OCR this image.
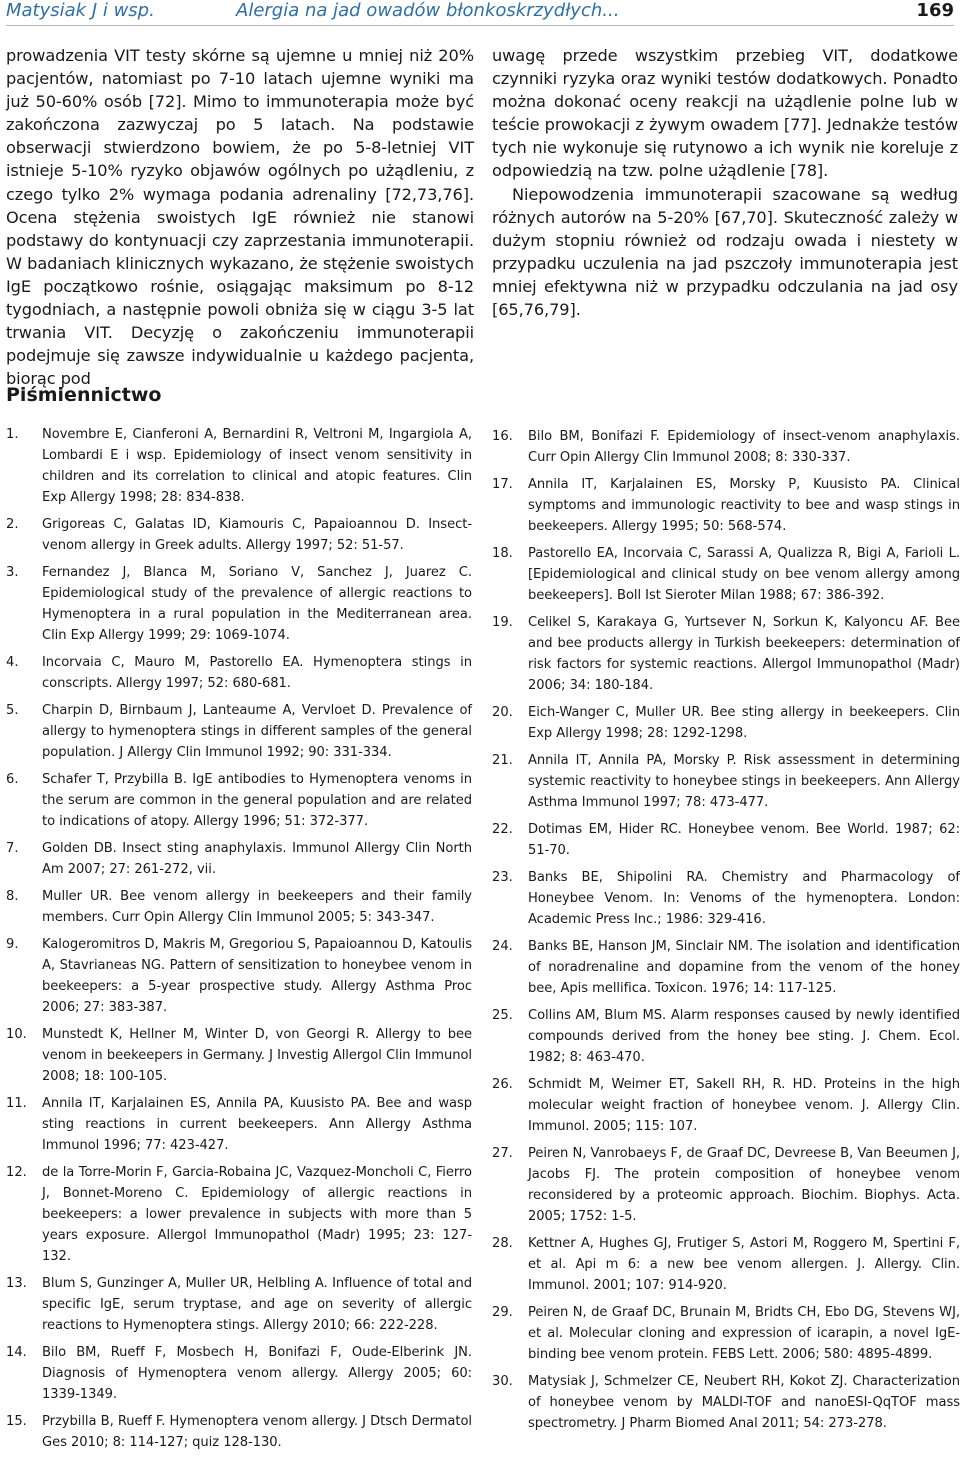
Matysiak J i wsp.	Alergia na jad owadów błonkoskrzydłych...	169

prowadzenia VIT testy skórne są ujemne u mniej niż 20% pacjentów, natomiast po 7-10 latach ujemne wyniki ma już 50-60% osób [72]. Mimo to immunoterapia może być zakończona zazwyczaj po 5 latach. Na podstawie obserwacji stwierdzono bowiem, że po 5-8-letniej VIT istnieje 5-10% ryzyko objawów ogólnych po użądleniu, z czego tylko 2% wymaga podania adrenaliny [72,73,76]. Ocena stężenia swoistych IgE również nie stanowi podstawy do kontynuacji czy zaprzestania immunoterapii. W badaniach klinicznych wykazano, że stężenie swoistych IgE początkowo rośnie, osiągając maksimum po 8-12 tygodniach, a następnie powoli obniża się w ciągu 3-5 lat trwania VIT. Decyzję o zakończeniu immunoterapii podejmuje się zawsze indywidualnie u każdego pacjenta, biorąc pod

uwagę przede wszystkim przebieg VIT, dodatkowe czynniki ryzyka oraz wyniki testów dodatkowych. Ponadto można dokonać oceny reakcji na użądlenie polne lub w teście prowokacji z żywym owadem [77]. Jednakże testów tych nie wykonuje się rutynowo a ich wynik nie koreluje z odpowiedzią na tzw. polne użądlenie [78].

Niepowodzenia immunoterapii szacowane są według różnych autorów na 5-20% [67,70]. Skuteczność zależy w dużym stopniu również od rodzaju owada i niestety w przypadku uczulenia na jad pszczoły immunoterapia jest mniej efektywna niż w przypadku odczulania na jad osy [65,76,79].

Piśmiennictwo
1.	Novembre E, Cianferoni A, Bernardini R, Veltroni M, Ingargiola A, Lombardi E i wsp. Epidemiology of insect venom sensitivity in children and its correlation to clinical and atopic features. Clin Exp Allergy 1998; 28: 834-838.
2.	Grigoreas C, Galatas ID, Kiamouris C, Papaioannou D. Insect-venom allergy in Greek adults. Allergy 1997; 52: 51-57.
3.	Fernandez J, Blanca M, Soriano V, Sanchez J, Juarez C. Epidemiological study of the prevalence of allergic reactions to Hymenoptera in a rural population in the Mediterranean area. Clin Exp Allergy 1999; 29: 1069-1074.
4.	Incorvaia C, Mauro M, Pastorello EA. Hymenoptera stings in conscripts. Allergy 1997; 52: 680-681.
5.	Charpin D, Birnbaum J, Lanteaume A, Vervloet D. Prevalence of allergy to hymenoptera stings in different samples of the general population. J Allergy Clin Immunol 1992; 90: 331-334.
6.	Schafer T, Przybilla B. IgE antibodies to Hymenoptera venoms in the serum are common in the general population and are related to indications of atopy. Allergy 1996; 51: 372-377.
7.	Golden DB. Insect sting anaphylaxis. Immunol Allergy Clin North Am 2007; 27: 261-272, vii.
8.	Muller UR. Bee venom allergy in beekeepers and their family members. Curr Opin Allergy Clin Immunol 2005; 5: 343-347.
9.	Kalogeromitros D, Makris M, Gregoriou S, Papaioannou D, Katoulis A, Stavrianeas NG. Pattern of sensitization to honeybee venom in beekeepers: a 5-year prospective study. Allergy Asthma Proc 2006; 27: 383-387.
10.	Munstedt K, Hellner M, Winter D, von Georgi R. Allergy to bee venom in beekeepers in Germany. J Investig Allergol Clin Immunol 2008; 18: 100-105.
11.	Annila IT, Karjalainen ES, Annila PA, Kuusisto PA. Bee and wasp sting reactions in current beekeepers. Ann Allergy Asthma Immunol 1996; 77: 423-427.
12.	de la Torre-Morin F, Garcia-Robaina JC, Vazquez-Moncholi C, Fierro J, Bonnet-Moreno C. Epidemiology of allergic reactions in beekeepers: a lower prevalence in subjects with more than 5 years exposure. Allergol Immunopathol (Madr) 1995; 23: 127-132.
13.	Blum S, Gunzinger A, Muller UR, Helbling A. Influence of total and specific IgE, serum tryptase, and age on severity of allergic reactions to Hymenoptera stings. Allergy 2010; 66: 222-228.
14.	Bilo BM, Rueff F, Mosbech H, Bonifazi F, Oude-Elberink JN. Diagnosis of Hymenoptera venom allergy. Allergy 2005; 60: 1339-1349.
15.	Przybilla B, Rueff F. Hymenoptera venom allergy. J Dtsch Dermatol Ges 2010; 8: 114-127; quiz 128-130.
16.	Bilo BM, Bonifazi F. Epidemiology of insect-venom anaphylaxis. Curr Opin Allergy Clin Immunol 2008; 8: 330-337.
17.	Annila IT, Karjalainen ES, Morsky P, Kuusisto PA. Clinical symptoms and immunologic reactivity to bee and wasp stings in beekeepers. Allergy 1995; 50: 568-574.
18.	Pastorello EA, Incorvaia C, Sarassi A, Qualizza R, Bigi A, Farioli L. [Epidemiological and clinical study on bee venom allergy among beekeepers]. Boll Ist Sieroter Milan 1988; 67: 386-392.
19.	Celikel S, Karakaya G, Yurtsever N, Sorkun K, Kalyoncu AF. Bee and bee products allergy in Turkish beekeepers: determination of risk factors for systemic reactions. Allergol Immunopathol (Madr) 2006; 34: 180-184.
20.	Eich-Wanger C, Muller UR. Bee sting allergy in beekeepers. Clin Exp Allergy 1998; 28: 1292-1298.
21.	Annila IT, Annila PA, Morsky P. Risk assessment in determining systemic reactivity to honeybee stings in beekeepers. Ann Allergy Asthma Immunol 1997; 78: 473-477.
22.	Dotimas EM, Hider RC. Honeybee venom. Bee World. 1987; 62: 51-70.
23.	Banks BE, Shipolini RA. Chemistry and Pharmacology of Honeybee Venom. In: Venoms of the hymenoptera. London: Academic Press Inc.; 1986: 329-416.
24.	Banks BE, Hanson JM, Sinclair NM. The isolation and identification of noradrenaline and dopamine from the venom of the honey bee, Apis mellifica. Toxicon. 1976; 14: 117-125.
25.	Collins AM, Blum MS. Alarm responses caused by newly identified compounds derived from the honey bee sting. J. Chem. Ecol. 1982; 8: 463-470.
26.	Schmidt M, Weimer ET, Sakell RH, R. HD. Proteins in the high molecular weight fraction of honeybee venom. J. Allergy Clin. Immunol. 2005; 115: 107.
27.	Peiren N, Vanrobaeys F, de Graaf DC, Devreese B, Van Beeumen J, Jacobs FJ. The protein composition of honeybee venom reconsidered by a proteomic approach. Biochim. Biophys. Acta. 2005; 1752: 1-5.
28.	Kettner A, Hughes GJ, Frutiger S, Astori M, Roggero M, Spertini F, et al. Api m 6: a new bee venom allergen. J. Allergy. Clin. Immunol. 2001; 107: 914-920.
29.	Peiren N, de Graaf DC, Brunain M, Bridts CH, Ebo DG, Stevens WJ, et al. Molecular cloning and expression of icarapin, a novel IgE-binding bee venom protein. FEBS Lett. 2006; 580: 4895-4899.
30.	Matysiak J, Schmelzer CE, Neubert RH, Kokot ZJ. Characterization of honeybee venom by MALDI-TOF and nanoESI-QqTOF mass spectrometry. J Pharm Biomed Anal 2011; 54: 273-278.
